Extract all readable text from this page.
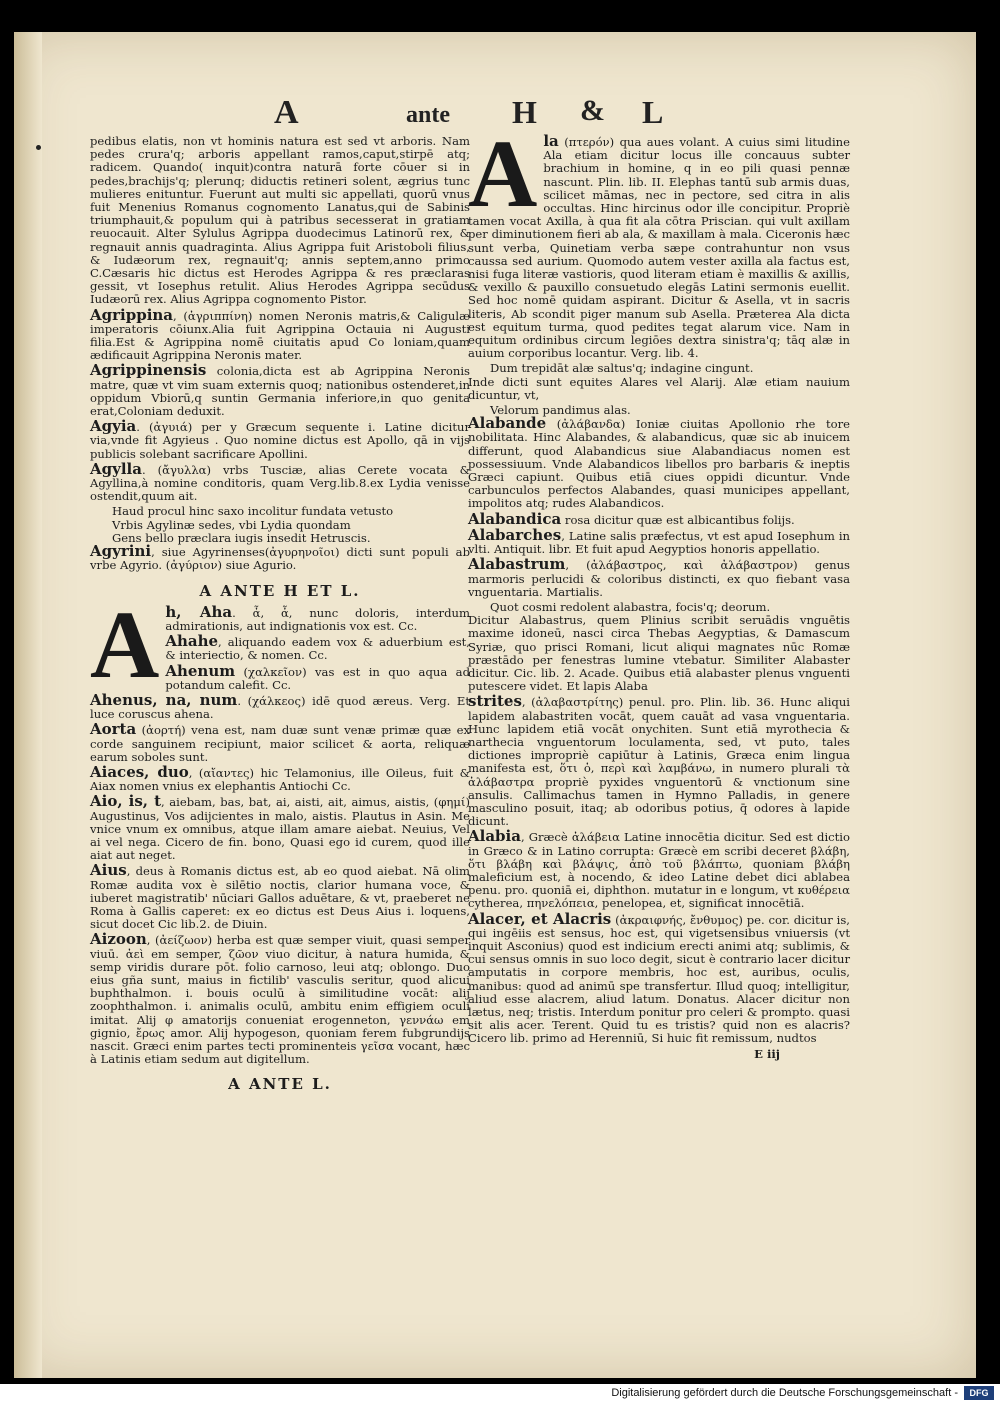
A	ante H & L

pedibus elatis, non vt hominis natura est sed vt arboris. Nam pedes crura'q; arboris appellant ramos,caput,stirpē atq; radicem. Quando( inquit)contra naturā forte cōuer si in pedes,brachijs'q; plerunq; diductis retineri solent, ægrius tunc mulieres enituntur. Fuerunt aut multi sic appellati, quorū vnus fuit Menenius Romanus cognomento Lanatus,qui de Sabinis triumphauit,& populum qui à patribus secesserat in gratiam reuocauit. Alter Sylulus Agrippa duodecimus Latinorū rex, & regnauit annis quadraginta. Alius Agrippa fuit Aristoboli filius, & Iudæorum rex, regnauit'q; annis septem,anno primo C.Cæsaris hic dictus est Herodes Agrippa & res præclaras gessit, vt Iosephus retulit. Alius Herodes Agrippa secūdus Iudæorū rex. Alius Agrippa cognomento Pistor.

Agrippina, (ἀγριππίνη) nomen Neronis matris,& Caligulæ imperatoris cōiunx.Alia fuit Agrippina Octauia ni Augusti filia.Est & Agrippina nomē ciuitatis apud Co loniam,quam ædificauit Agrippina Neronis mater.

Agrippinensis colonia,dicta est ab Agrippina Neronis matre, quæ vt vim suam externis quoq; nationibus ostenderet,in oppidum Vbiorū,q suntin Germania inferiore,in quo genita erat,Coloniam deduxit.

Agyia. (ἀγυιά) per y Græcum sequente i. Latine dicitur via,vnde fit Agyieus . Quo nomine dictus est Apollo, qā in vijs publicis solebant sacrificare Apollini.

Agylla. (ἄγυλλα) vrbs Tusciæ, alias Cerete vocata & Agyllina,à nomine conditoris, quam Verg.lib.8.ex Lydia venisse ostendit,quum ait.

Haud procul hinc saxo incolitur fundata vetusto
Vrbis Agylinæ sedes, vbi Lydia quondam
Gens bello præclara iugis insedit Hetruscis.

Agyrini, siue Agyrinenses(ἀγυρηνοῖοι) dicti sunt populi ab vrbe Agyrio. (ἀγύριον) siue Agurio.

A ANTE H ET L.
A h, Aha. ἆ, ἆ, nunc doloris, interdum admirationis, aut indignationis vox est. Cc.

Ahahe, aliquando eadem vox & aduerbium est, & interiectio, & nomen. Cc.

Ahenum (χαλκεῖον) vas est in quo aqua ad potandum calefit. Cc.

Ahenus, na, num. (χάλκεος) idē quod æreus. Verg. Et luce coruscus ahena.

Aorta (ἀορτή) vena est, nam duæ sunt venæ primæ quæ ex corde sanguinem recipiunt, maior scilicet & aorta, reliquæ earum soboles sunt.

Aiaces, duo, (αἴαντες) hic Telamonius, ille Oileus, fuit & Aiax nomen vnius ex elephantis Antiochi Cc.

Aio, is, t, aiebam, bas, bat, ai, aisti, ait, aimus, aistis, (φημί) Augustinus, Vos adijcientes in malo, aistis. Plautus in Asin. Me vnice vnum ex omnibus, atque illam amare aiebat. Neuius, Vel ai vel nega. Cicero de fin. bono, Quasi ego id curem, quod ille aiat aut neget.

Aius, deus à Romanis dictus est, ab eo quod aiebat. Nā olim Romæ audita vox è silētio noctis, clarior humana voce, & iuberet magistratib' nūciari Gallos aduētare, & vt, praeberet ne Roma à Gallis caperet: ex eo dictus est Deus Aius i. loquens, sicut docet Cic lib.2. de Diuin.

Aizoon, (ἀείζωον) herba est quæ semper viuit, quasi semper viuū. ἀεὶ em semper, ζῶον viuo dicitur, à natura humida, & semp viridis durare pōt. folio carnoso, leui atq; oblongo. Duo eius gña sunt, maius in fictilib' vasculis seritur, quod alicui buphthalmon. i. bouis oculū à similitudine vocāt: alij zoophthalmon. i. animalis oculū, ambitu enim effigiem oculi imitat. Alij φ amatorijs conueniat erogenneton, γεννάω em gignio, ἔρως amor. Alij hypogeson, quoniam ferem fubgrundijs nascit. Græci enim partes tecti prominenteis γεῖσα vocant, hæc à Latinis etiam sedum aut digitellum.

A ANTE L.
A la (πτερόν) qua aues volant. A cuius simi litudine Ala etiam dicitur locus ille concauus subter brachium in homine, q in eo pili quasi pennæ nascunt. Plin. lib. II. Elephas tantū sub armis duas, scilicet māmas, nec in pectore, sed citra in alis occultas. Hinc hircinus odor ille concipitur. Propriè tamen vocat Axilla, à qua fit ala cōtra Priscian. qui vult axillam per diminutionem fieri ab ala, & maxillam à mala. Ciceronis hæc sunt verba, Quinetiam verba sæpe contrahuntur non vsus caussa sed aurium. Quomodo autem vester axilla ala factus est, nisi fuga literæ vastioris, quod literam etiam è maxillis & axillis, & vexillo & pauxillo consuetudo elegās Latini sermonis euellit. Sed hoc nomē quidam aspirant. Dicitur & Asella, vt in sacris literis, Ab scondit piger manum sub Asella. Præterea Ala dicta est equitum turma, quod pedites tegat alarum vice. Nam in equitum ordinibus circum legiōes dextra sinistra'q; tāq alæ in auium corporibus locantur. Verg. lib. 4.

Dum trepidāt alæ saltus'q; indagine cingunt.

Inde dicti sunt equites Alares vel Alarij. Alæ etiam nauium dicuntur, vt,

Velorum pandimus alas.

Alabande (ἀλάβανδα) Ioniæ ciuitas Apollonio rhe tore nobilitata. Hinc Alabandes, & alabandicus, quæ sic ab inuicem differunt, quod Alabandicus siue Alabandiacus nomen est possessiuum. Vnde Alabandicos libellos pro barbaris & ineptis Græci capiunt. Quibus etiā ciues oppidi dicuntur. Vnde carbunculos perfectos Alabandes, quasi municipes appellant, impolitos atq; rudes Alabandicos.

Alabandica rosa dicitur quæ est albicantibus folijs.

Alabarches, Latine salis præfectus, vt est apud Iosephum in vlti. Antiquit. libr. Et fuit apud Aegyptios honoris appellatio.

Alabastrum, (ἀλάβαστρος, καὶ ἀλάβαστρον) genus marmoris perlucidi & coloribus distincti, ex quo fiebant vasa vnguentaria. Martialis.

Quot cosmi redolent alabastra, focis'q; deorum.

Dicitur Alabastrus, quem Plinius scribit seruādis vnguētis maxime idoneū, nasci circa Thebas Aegyptias, & Damascum Syriæ, quo prisci Romani, licut aliqui magnates nūc Romæ præstādo per fenestras lumine vtebatur. Similiter Alabaster dicitur. Cic. lib. 2. Acade. Quibus etiā alabaster plenus vnguenti putescere videt. Et lapis Alaba

strites, (ἀλαβαστρίτης) penul. pro. Plin. lib. 36. Hunc aliqui lapidem alabastriten vocāt, quem cauāt ad vasa vnguentaria. Hunc lapidem etiā vocāt onychiten. Sunt etiā myrothecia & narthecia vnguentorum loculamenta, sed, vt puto, tales dictiones impropriè capiūtur à Latinis, Græca enim lingua manifesta est, ὅτι ὁ, περὶ καὶ λαμβάνω, in numero plurali τὰ ἀλάβαστρα propriè pyxides vnguentorū & vnctionum sine ansulis. Callimachus tamen in Hymno Palladis, in genere masculino posuit, itaq; ab odoribus potius, q̄ odores à lapide dicunt.

Alabia, Græcè ἀλάβεια Latine innocētia dicitur. Sed est dictio in Græco & in Latino corrupta: Græcè em scribi deceret βλάβη, ὅτι βλάβη καὶ βλάψις, ἀπὸ τοῦ βλάπτω, quoniam βλάβη maleficium est, à nocendo, & ideo Latine debet dici ablabea penu. pro. quoniā ei, diphthon. mutatur in e longum, vt κυθέρεια cytherea, πηνελόπεια, penelopea, et, significat innocētiā.

Alacer, et Alacris (ἀκραιφνής, ἔνθυμος) pe. cor. dicitur is, qui ingēiis est sensus, hoc est, qui vigetsensibus vniuersis (vt inquit Asconius) quod est indicium erecti animi atq; sublimis, & cui sensus omnis in suo loco degit, sicut è contrario lacer dicitur amputatis in corpore membris, hoc est, auribus, oculis, manibus: quod ad animū spe transfertur. Illud quoq; intelligitur, aliud esse alacrem, aliud latum. Donatus. Alacer dicitur non lætus, neq; tristis. Interdum ponitur pro celeri & prompto. quasi sit alis acer. Terent. Quid tu es tristis? quid non es alacris? Cicero lib. primo ad Herenniū, Si huic fit remissum, nudtos

E iij
Digitalisierung gefördert durch die Deutsche Forschungsgemeinschaft -	DFG
